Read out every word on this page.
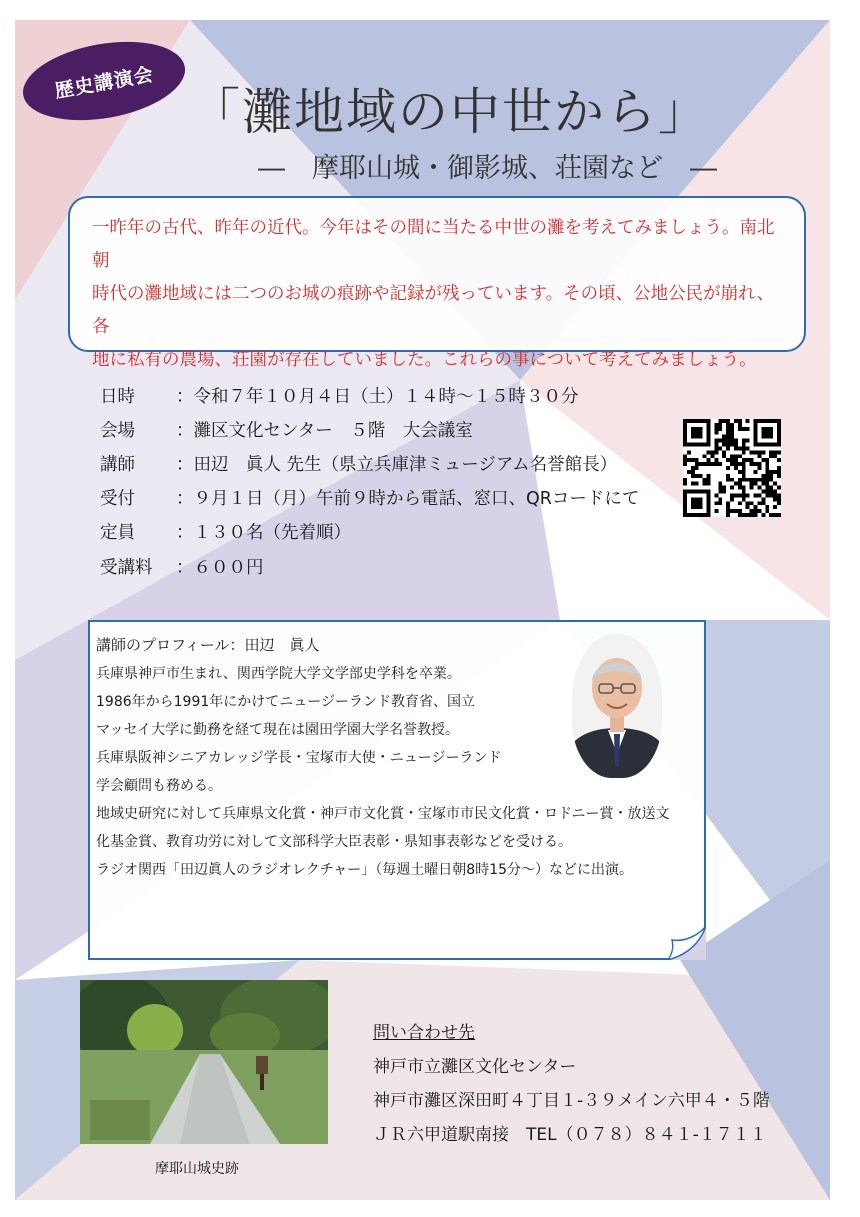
歴史講演会
「灘地域の中世から」
―　摩耶山城・御影城、荘園など　―

一昨年の古代、昨年の近代。今年はその間に当たる中世の灘を考えてみましょう。南北朝

時代の灘地域には二つのお城の痕跡や記録が残っています。その頃、公地公民が崩れ、各

地に私有の農場、荘園が存在していました。これらの事について考えてみましょう。

日時	：令和７年１０月４日（土）１４時～１５時３０分
会場	：灘区文化センター　５階　大会議室
講師	：田辺　眞人 先生（県立兵庫津ミュージアム名誉館長）
受付	：９月１日（月）午前９時から電話、窓口、QRコードにて
定員	：１３０名（先着順）
受講料	：６００円
講師のプロフィール：田辺　眞人
兵庫県神戸市生まれ、関西学院大学文学部史学科を卒業。
1986年から1991年にかけてニュージーランド教育省、国立
マッセイ大学に勤務を経て現在は園田学園大学名誉教授。
兵庫県阪神シニアカレッジ学長・宝塚市大使・ニュージーランド
学会顧問も務める。
地域史研究に対して兵庫県文化賞・神戸市文化賞・宝塚市市民文化賞・ロドニー賞・放送文
化基金賞、教育功労に対して文部科学大臣表彰・県知事表彰などを受ける。
ラジオ関西「田辺眞人のラジオレクチャー」（毎週土曜日朝8時15分～）などに出演。
摩耶山城史跡
問い合わせ先
神戸市立灘区文化センター
神戸市灘区深田町４丁目１-３９メイン六甲４・５階
ＪＲ六甲道駅南接　TEL（０７８）８４１-１７１１
